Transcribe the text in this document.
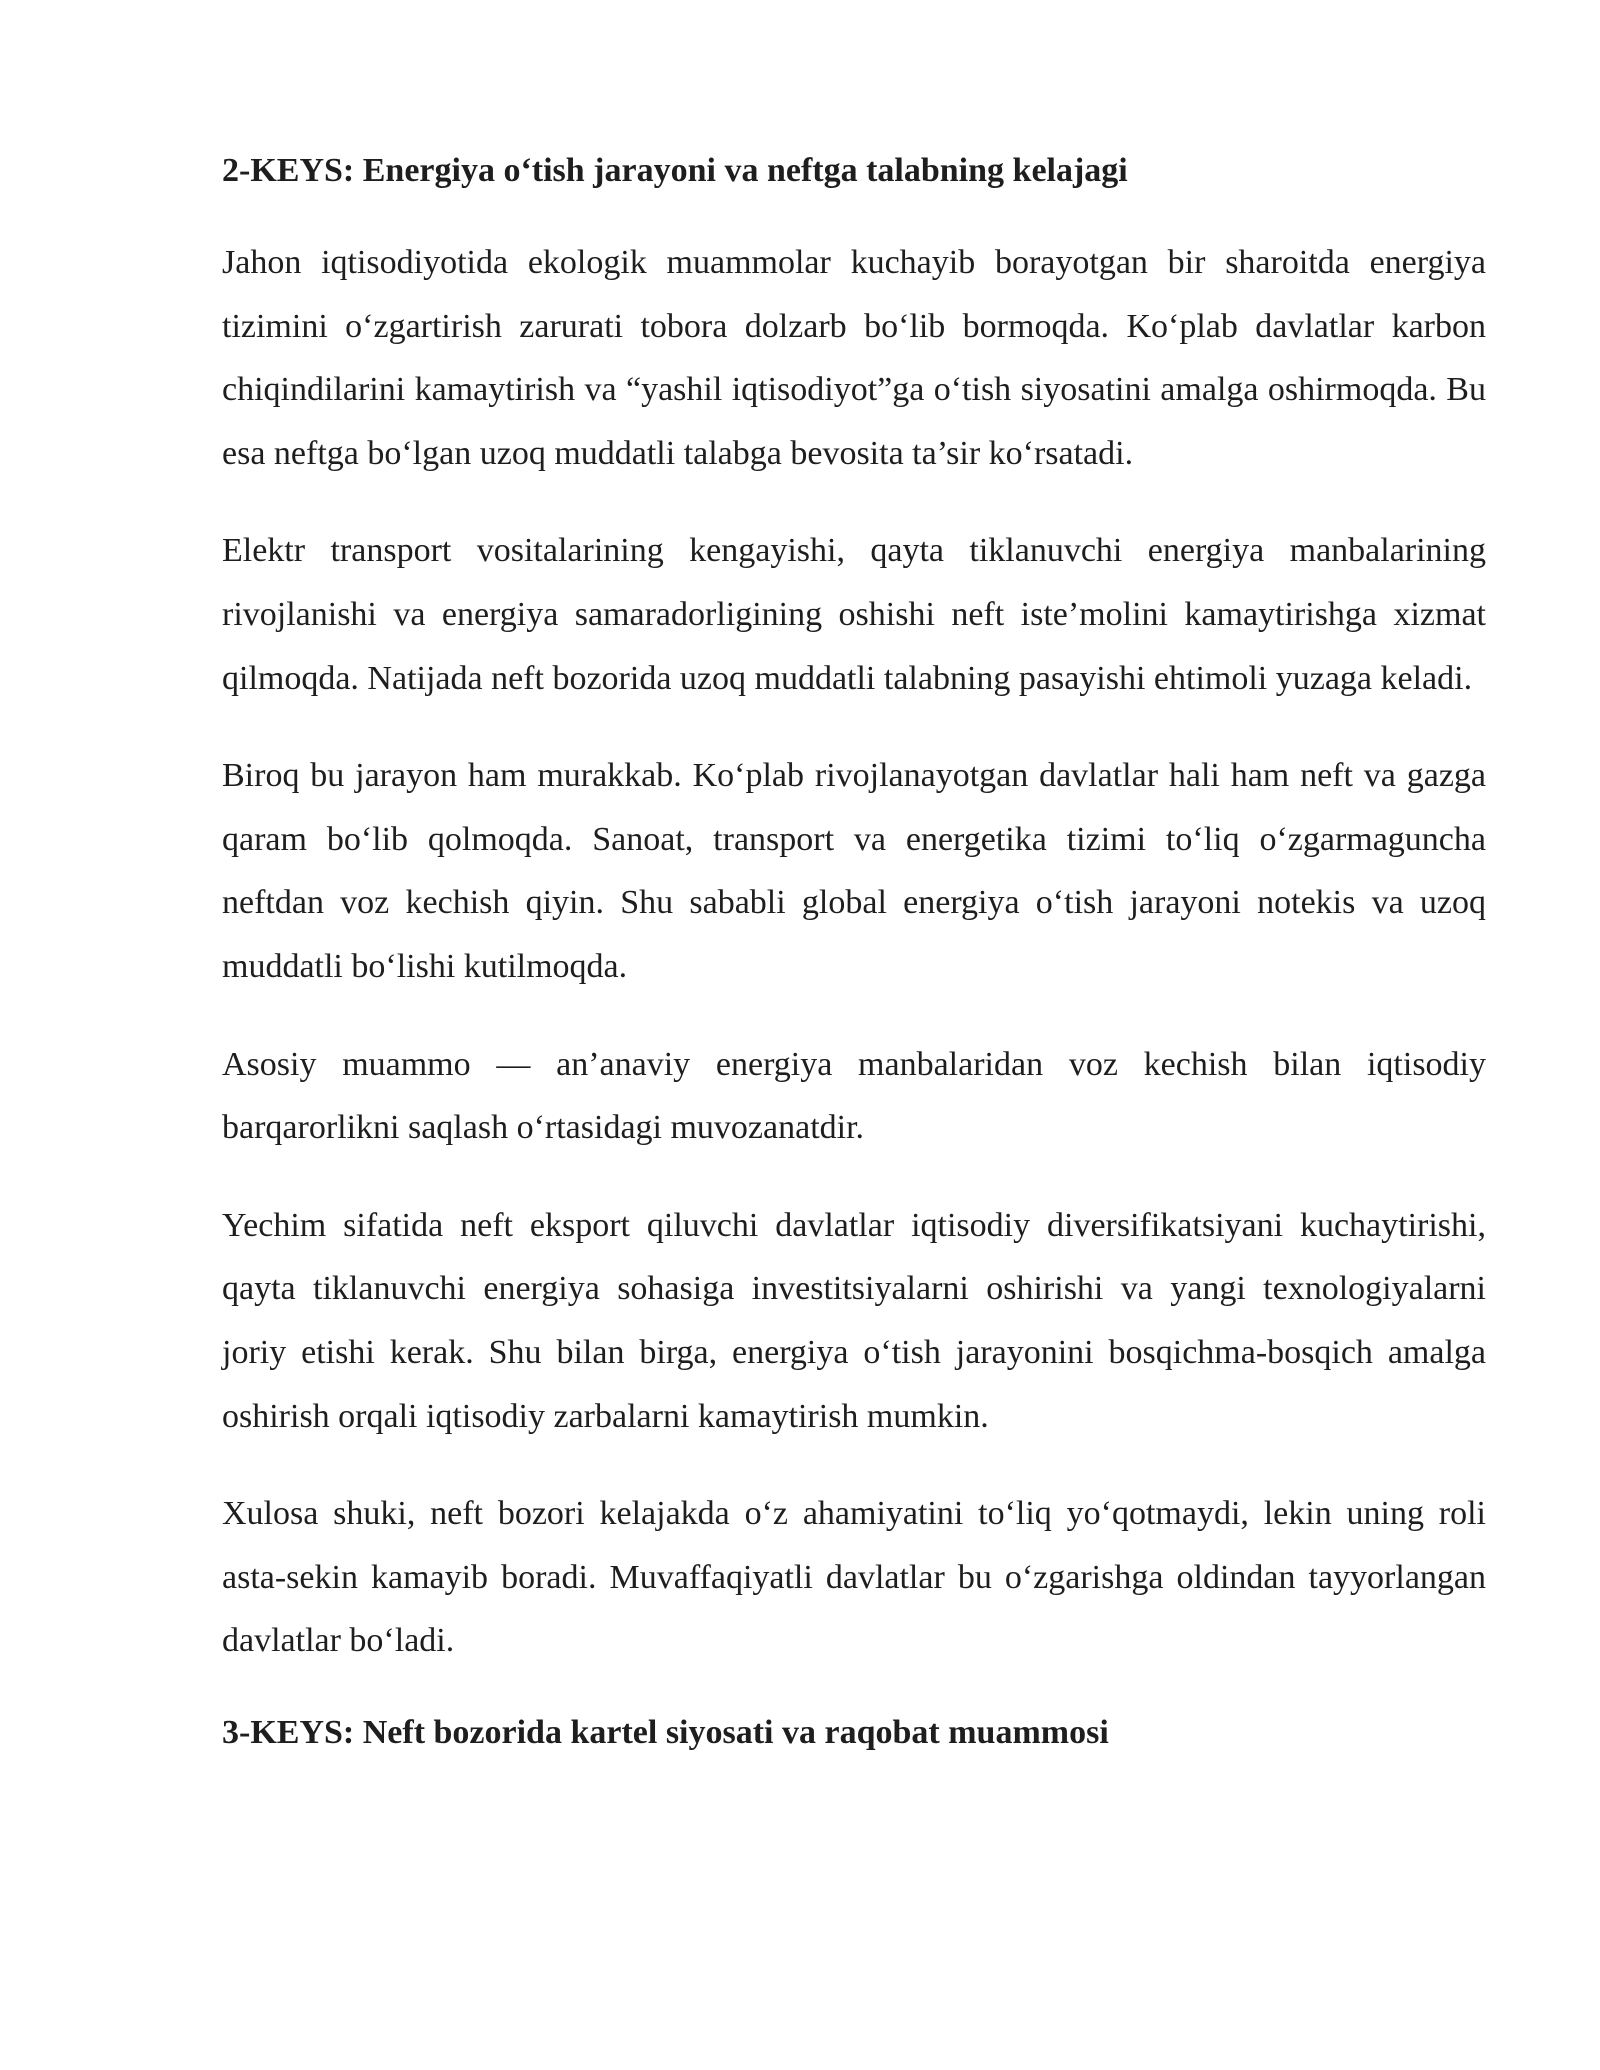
2-KEYS: Energiya o‘tish jarayoni va neftga talabning kelajagi

Jahon iqtisodiyotida ekologik muammolar kuchayib borayotgan bir sharoitda energiya tizimini o‘zgartirish zarurati tobora dolzarb bo‘lib bormoqda. Ko‘plab davlatlar karbon chiqindilarini kamaytirish va “yashil iqtisodiyot”ga o‘tish siyosatini amalga oshirmoqda. Bu esa neftga bo‘lgan uzoq muddatli talabga bevosita ta’sir ko‘rsatadi.

Elektr transport vositalarining kengayishi, qayta tiklanuvchi energiya manbalarining rivojlanishi va energiya samaradorligining oshishi neft iste’molini kamaytirishga xizmat qilmoqda. Natijada neft bozorida uzoq muddatli talabning pasayishi ehtimoli yuzaga keladi.

Biroq bu jarayon ham murakkab. Ko‘plab rivojlanayotgan davlatlar hali ham neft va gazga qaram bo‘lib qolmoqda. Sanoat, transport va energetika tizimi to‘liq o‘zgarmaguncha neftdan voz kechish qiyin. Shu sababli global energiya o‘tish jarayoni notekis va uzoq muddatli bo‘lishi kutilmoqda.

Asosiy muammo — an’anaviy energiya manbalaridan voz kechish bilan iqtisodiy barqarorlikni saqlash o‘rtasidagi muvozanatdir.

Yechim sifatida neft eksport qiluvchi davlatlar iqtisodiy diversifikatsiyani kuchaytirishi, qayta tiklanuvchi energiya sohasiga investitsiyalarni oshirishi va yangi texnologiyalarni joriy etishi kerak. Shu bilan birga, energiya o‘tish jarayonini bosqichma-bosqich amalga oshirish orqali iqtisodiy zarbalarni kamaytirish mumkin.

Xulosa shuki, neft bozori kelajakda o‘z ahamiyatini to‘liq yo‘qotmaydi, lekin uning roli asta-sekin kamayib boradi. Muvaffaqiyatli davlatlar bu o‘zgarishga oldindan tayyorlangan davlatlar bo‘ladi.

3-KEYS: Neft bozorida kartel siyosati va raqobat muammosi
